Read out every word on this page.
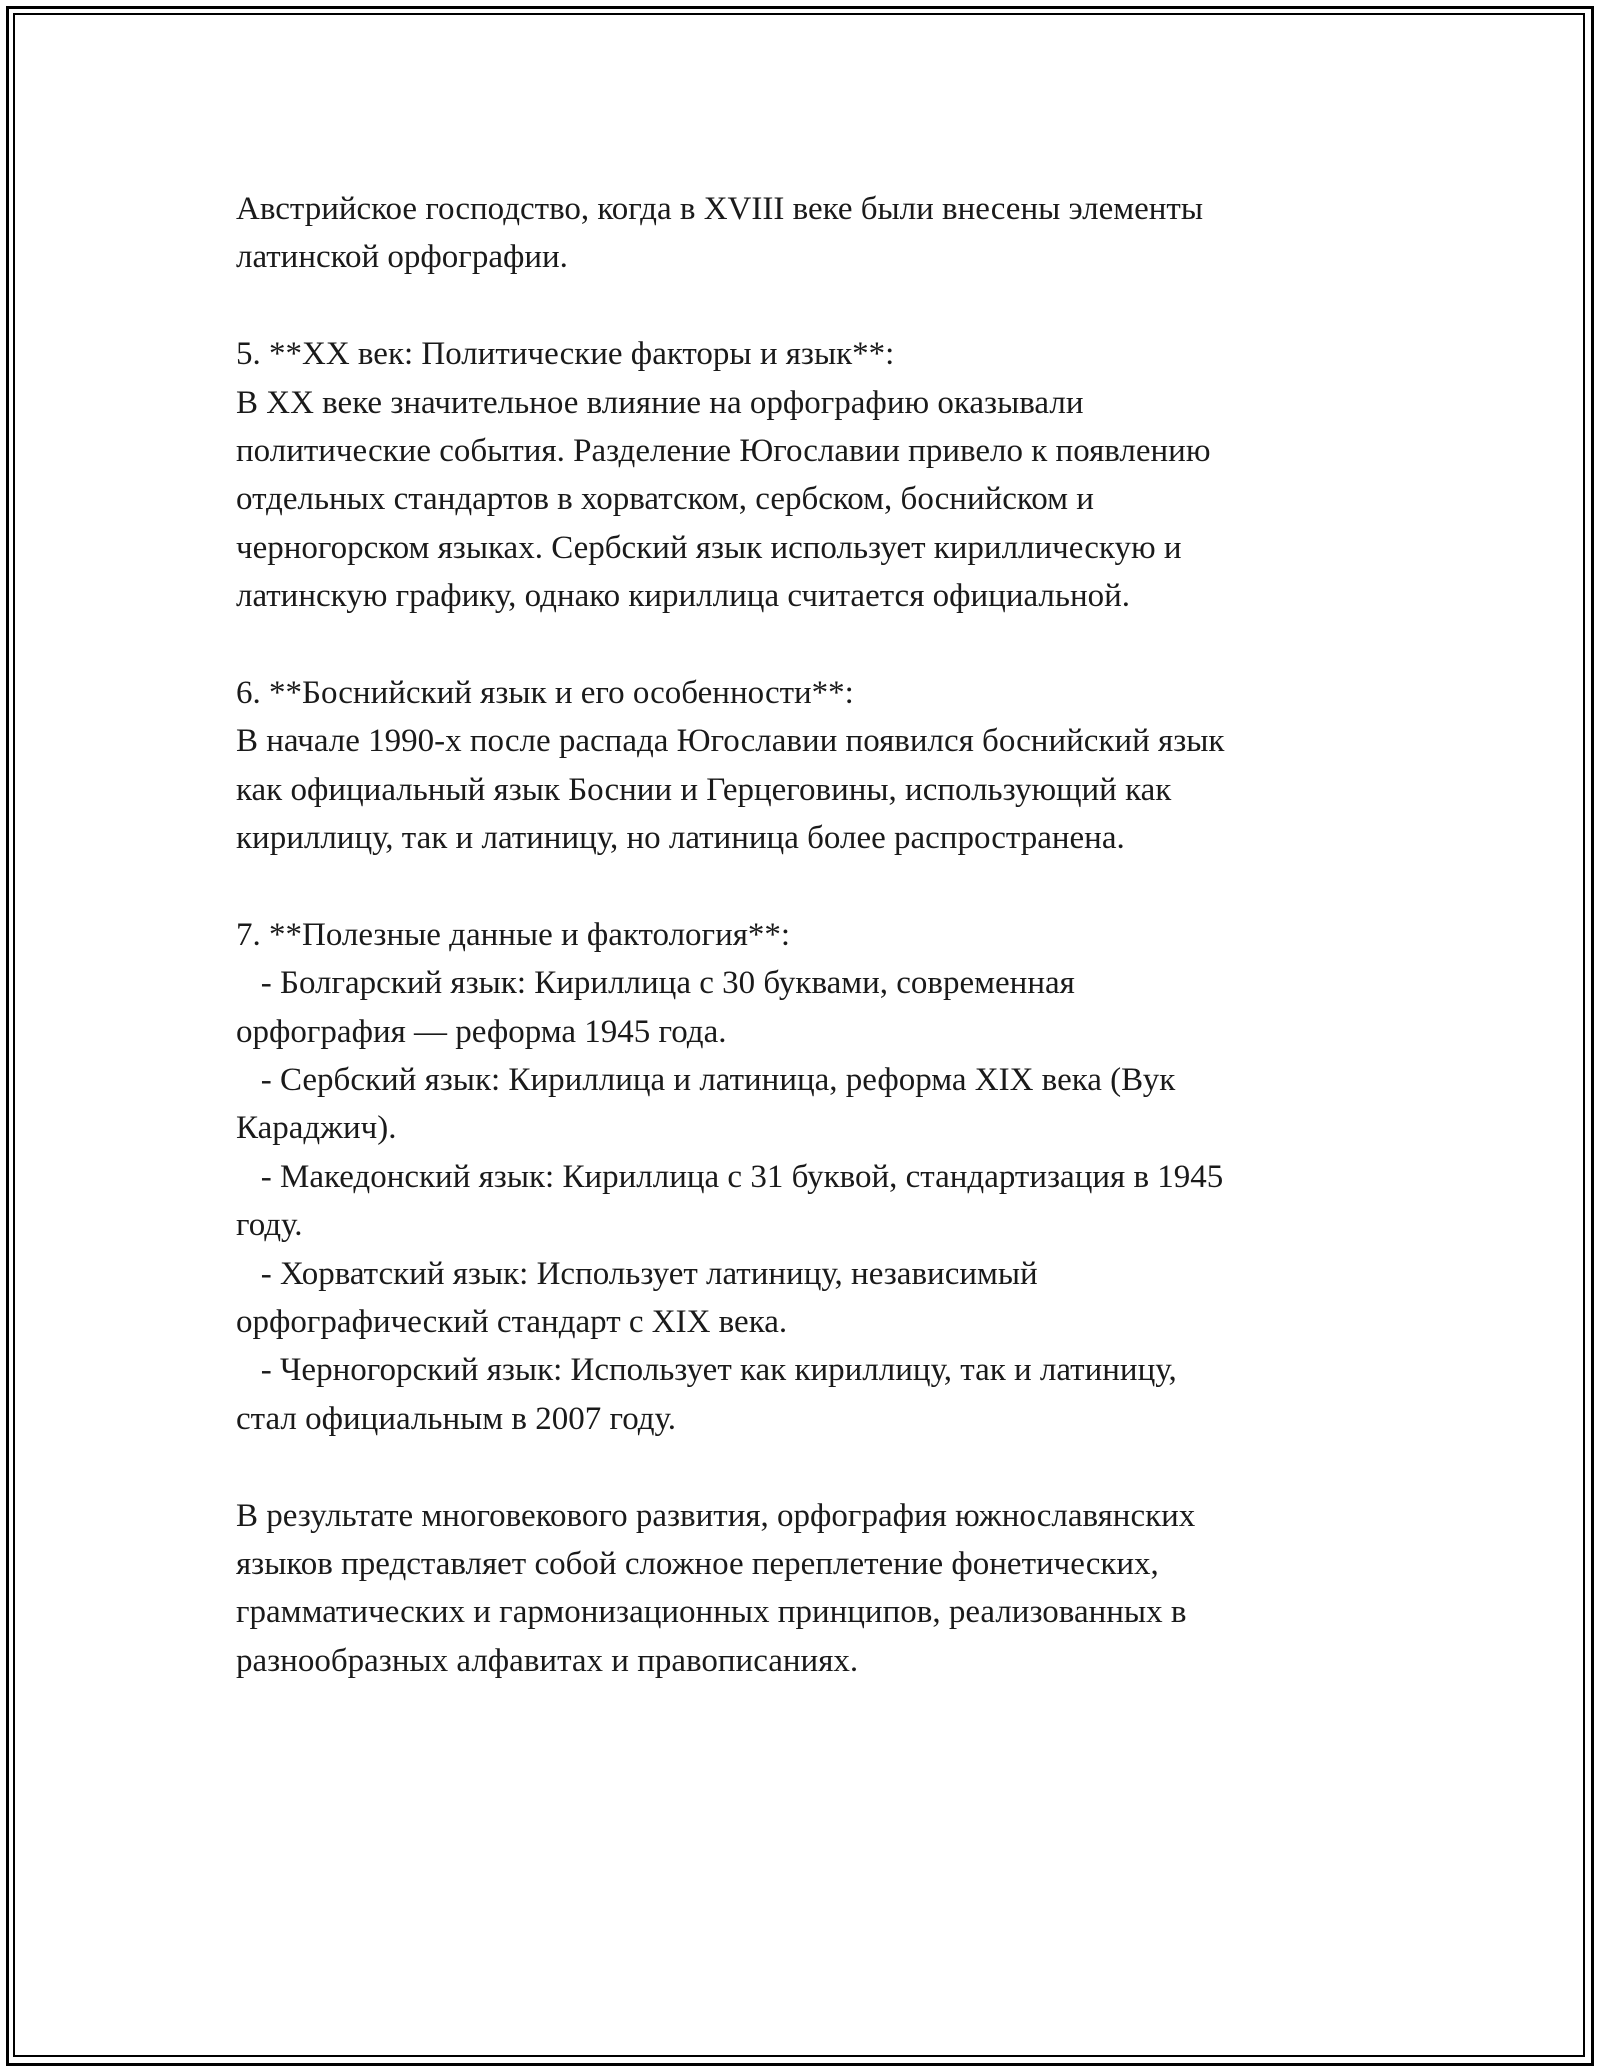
Австрийское господство, когда в XVIII веке были внесены элементы
латинской орфографии.
5. **XX век: Политические факторы и язык**:
В XX веке значительное влияние на орфографию оказывали
политические события. Разделение Югославии привело к появлению
отдельных стандартов в хорватском, сербском, боснийском и
черногорском языках. Сербский язык использует кириллическую и
латинскую графику, однако кириллица считается официальной.
6. **Боснийский язык и его особенности**:
В начале 1990-х после распада Югославии появился боснийский язык
как официальный язык Боснии и Герцеговины, использующий как
кириллицу, так и латиницу, но латиница более распространена.
7. **Полезные данные и фактология**:
- Болгарский язык: Кириллица с 30 буквами, современная
орфография — реформа 1945 года.
- Сербский язык: Кириллица и латиница, реформа XIX века (Вук
Караджич).
- Македонский язык: Кириллица с 31 буквой, стандартизация в 1945
году.
- Хорватский язык: Использует латиницу, независимый
орфографический стандарт с XIX века.
- Черногорский язык: Использует как кириллицу, так и латиницу,
стал официальным в 2007 году.
В результате многовекового развития, орфография южнославянских
языков представляет собой сложное переплетение фонетических,
грамматических и гармонизационных принципов, реализованных в
разнообразных алфавитах и правописаниях.
